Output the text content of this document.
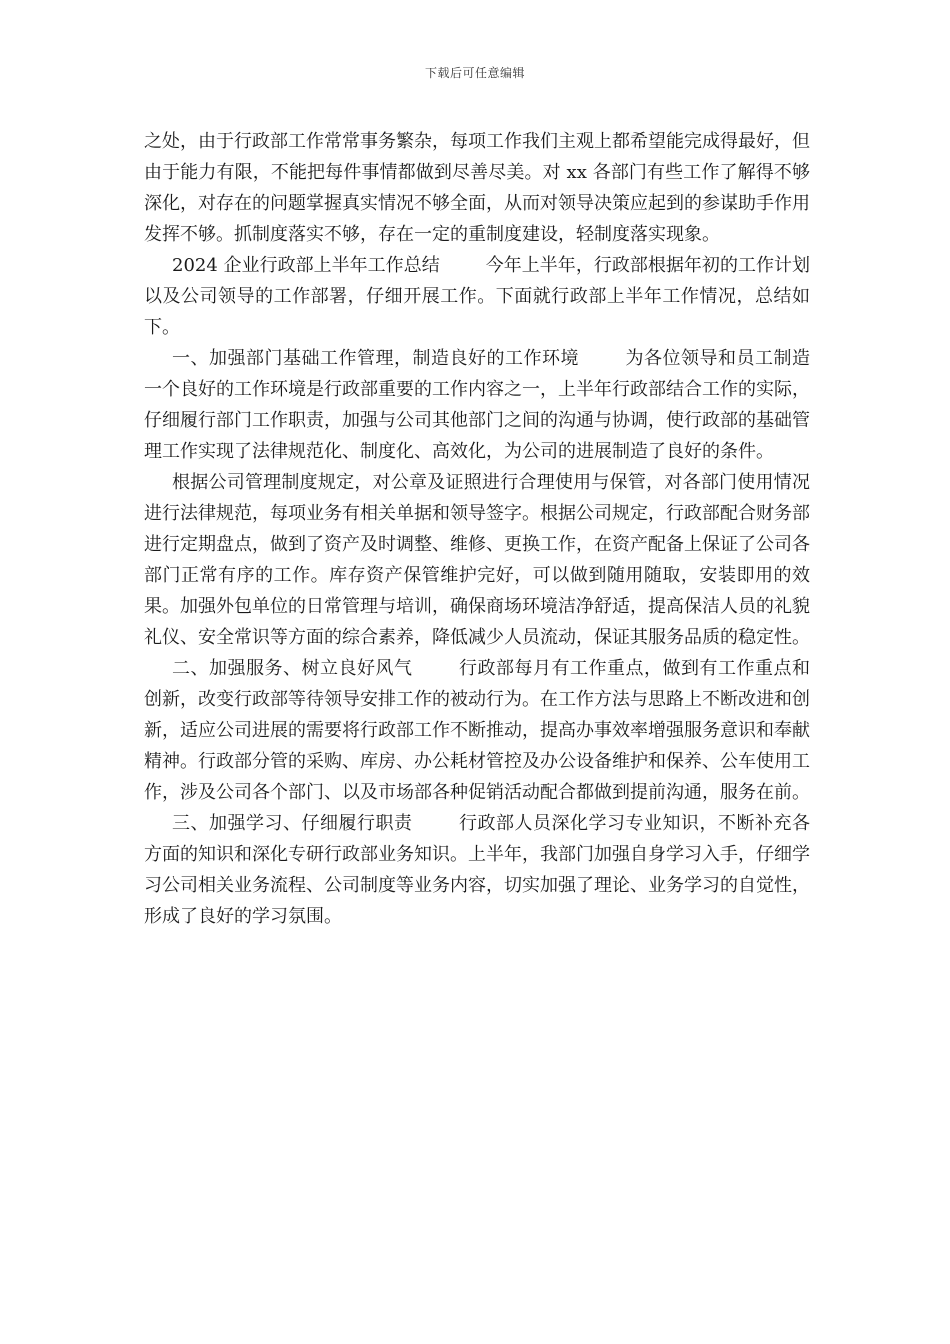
下载后可任意编辑

之处，由于行政部工作常常事务繁杂，每项工作我们主观上都希望能完成得最好，但由于能力有限，不能把每件事情都做到尽善尽美。对 xx 各部门有些工作了解得不够深化，对存在的问题掌握真实情况不够全面，从而对领导决策应起到的参谋助手作用发挥不够。抓制度落实不够，存在一定的重制度建设，轻制度落实现象。

2024 企业行政部上半年工作总结	今年上半年，行政部根据年初的工作计划以及公司领导的工作部署，仔细开展工作。下面就行政部上半年工作情况，总结如下。

一、加强部门基础工作管理，制造良好的工作环境	为各位领导和员工制造一个良好的工作环境是行政部重要的工作内容之一，上半年行政部结合工作的实际，仔细履行部门工作职责，加强与公司其他部门之间的沟通与协调，使行政部的基础管理工作实现了法律规范化、制度化、高效化，为公司的进展制造了良好的条件。

根据公司管理制度规定，对公章及证照进行合理使用与保管，对各部门使用情况进行法律规范，每项业务有相关单据和领导签字。根据公司规定，行政部配合财务部进行定期盘点，做到了资产及时调整、维修、更换工作，在资产配备上保证了公司各部门正常有序的工作。库存资产保管维护完好，可以做到随用随取，安装即用的效果。加强外包单位的日常管理与培训，确保商场环境洁净舒适，提高保洁人员的礼貌礼仪、安全常识等方面的综合素养，降低减少人员流动，保证其服务品质的稳定性。

二、加强服务、树立良好风气	行政部每月有工作重点，做到有工作重点和创新，改变行政部等待领导安排工作的被动行为。在工作方法与思路上不断改进和创新，适应公司进展的需要将行政部工作不断推动，提高办事效率增强服务意识和奉献精神。行政部分管的采购、库房、办公耗材管控及办公设备维护和保养、公车使用工作，涉及公司各个部门、以及市场部各种促销活动配合都做到提前沟通，服务在前。

三、加强学习、仔细履行职责	行政部人员深化学习专业知识，不断补充各方面的知识和深化专研行政部业务知识。上半年，我部门加强自身学习入手，仔细学习公司相关业务流程、公司制度等业务内容，切实加强了理论、业务学习的自觉性，形成了良好的学习氛围。
